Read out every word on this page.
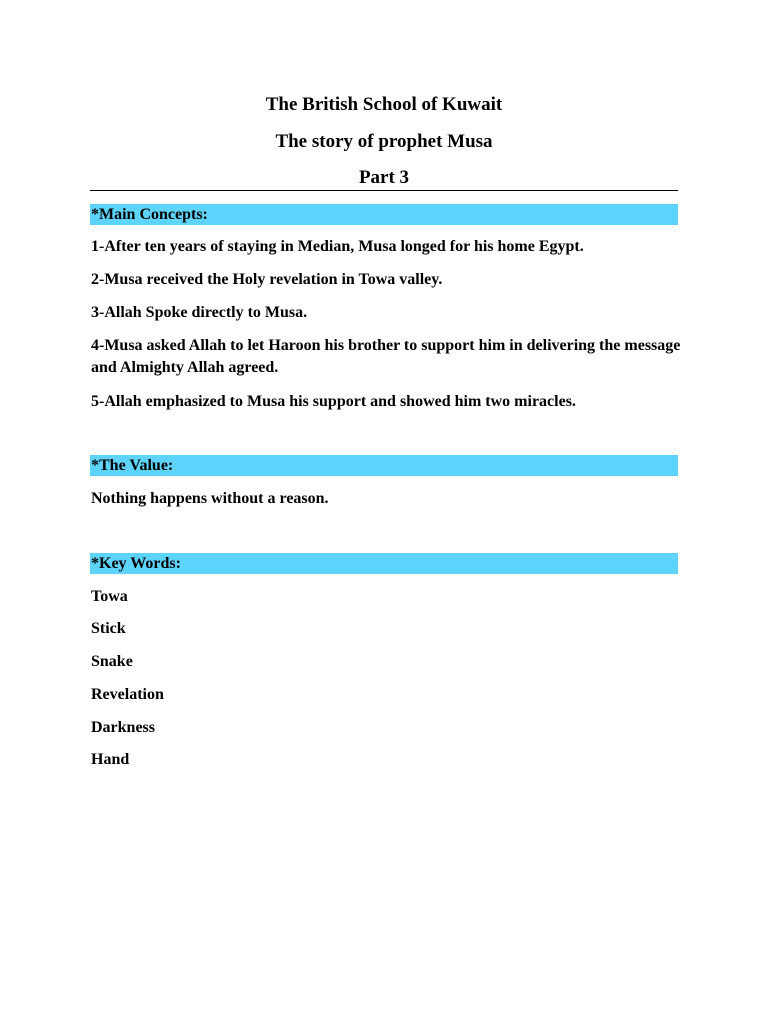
The British School of Kuwait
The story of prophet Musa
Part 3
*Main Concepts:
1-After ten years of staying in Median, Musa longed for his home Egypt.
2-Musa received the Holy revelation in Towa valley.
3-Allah Spoke directly to Musa.
4-Musa asked Allah to let Haroon his brother to support him in delivering the message and Almighty Allah agreed.
5-Allah emphasized to Musa his support and showed him two miracles.
*The Value:
Nothing happens without a reason.
*Key Words:
Towa
Stick
Snake
Revelation
Darkness
Hand
